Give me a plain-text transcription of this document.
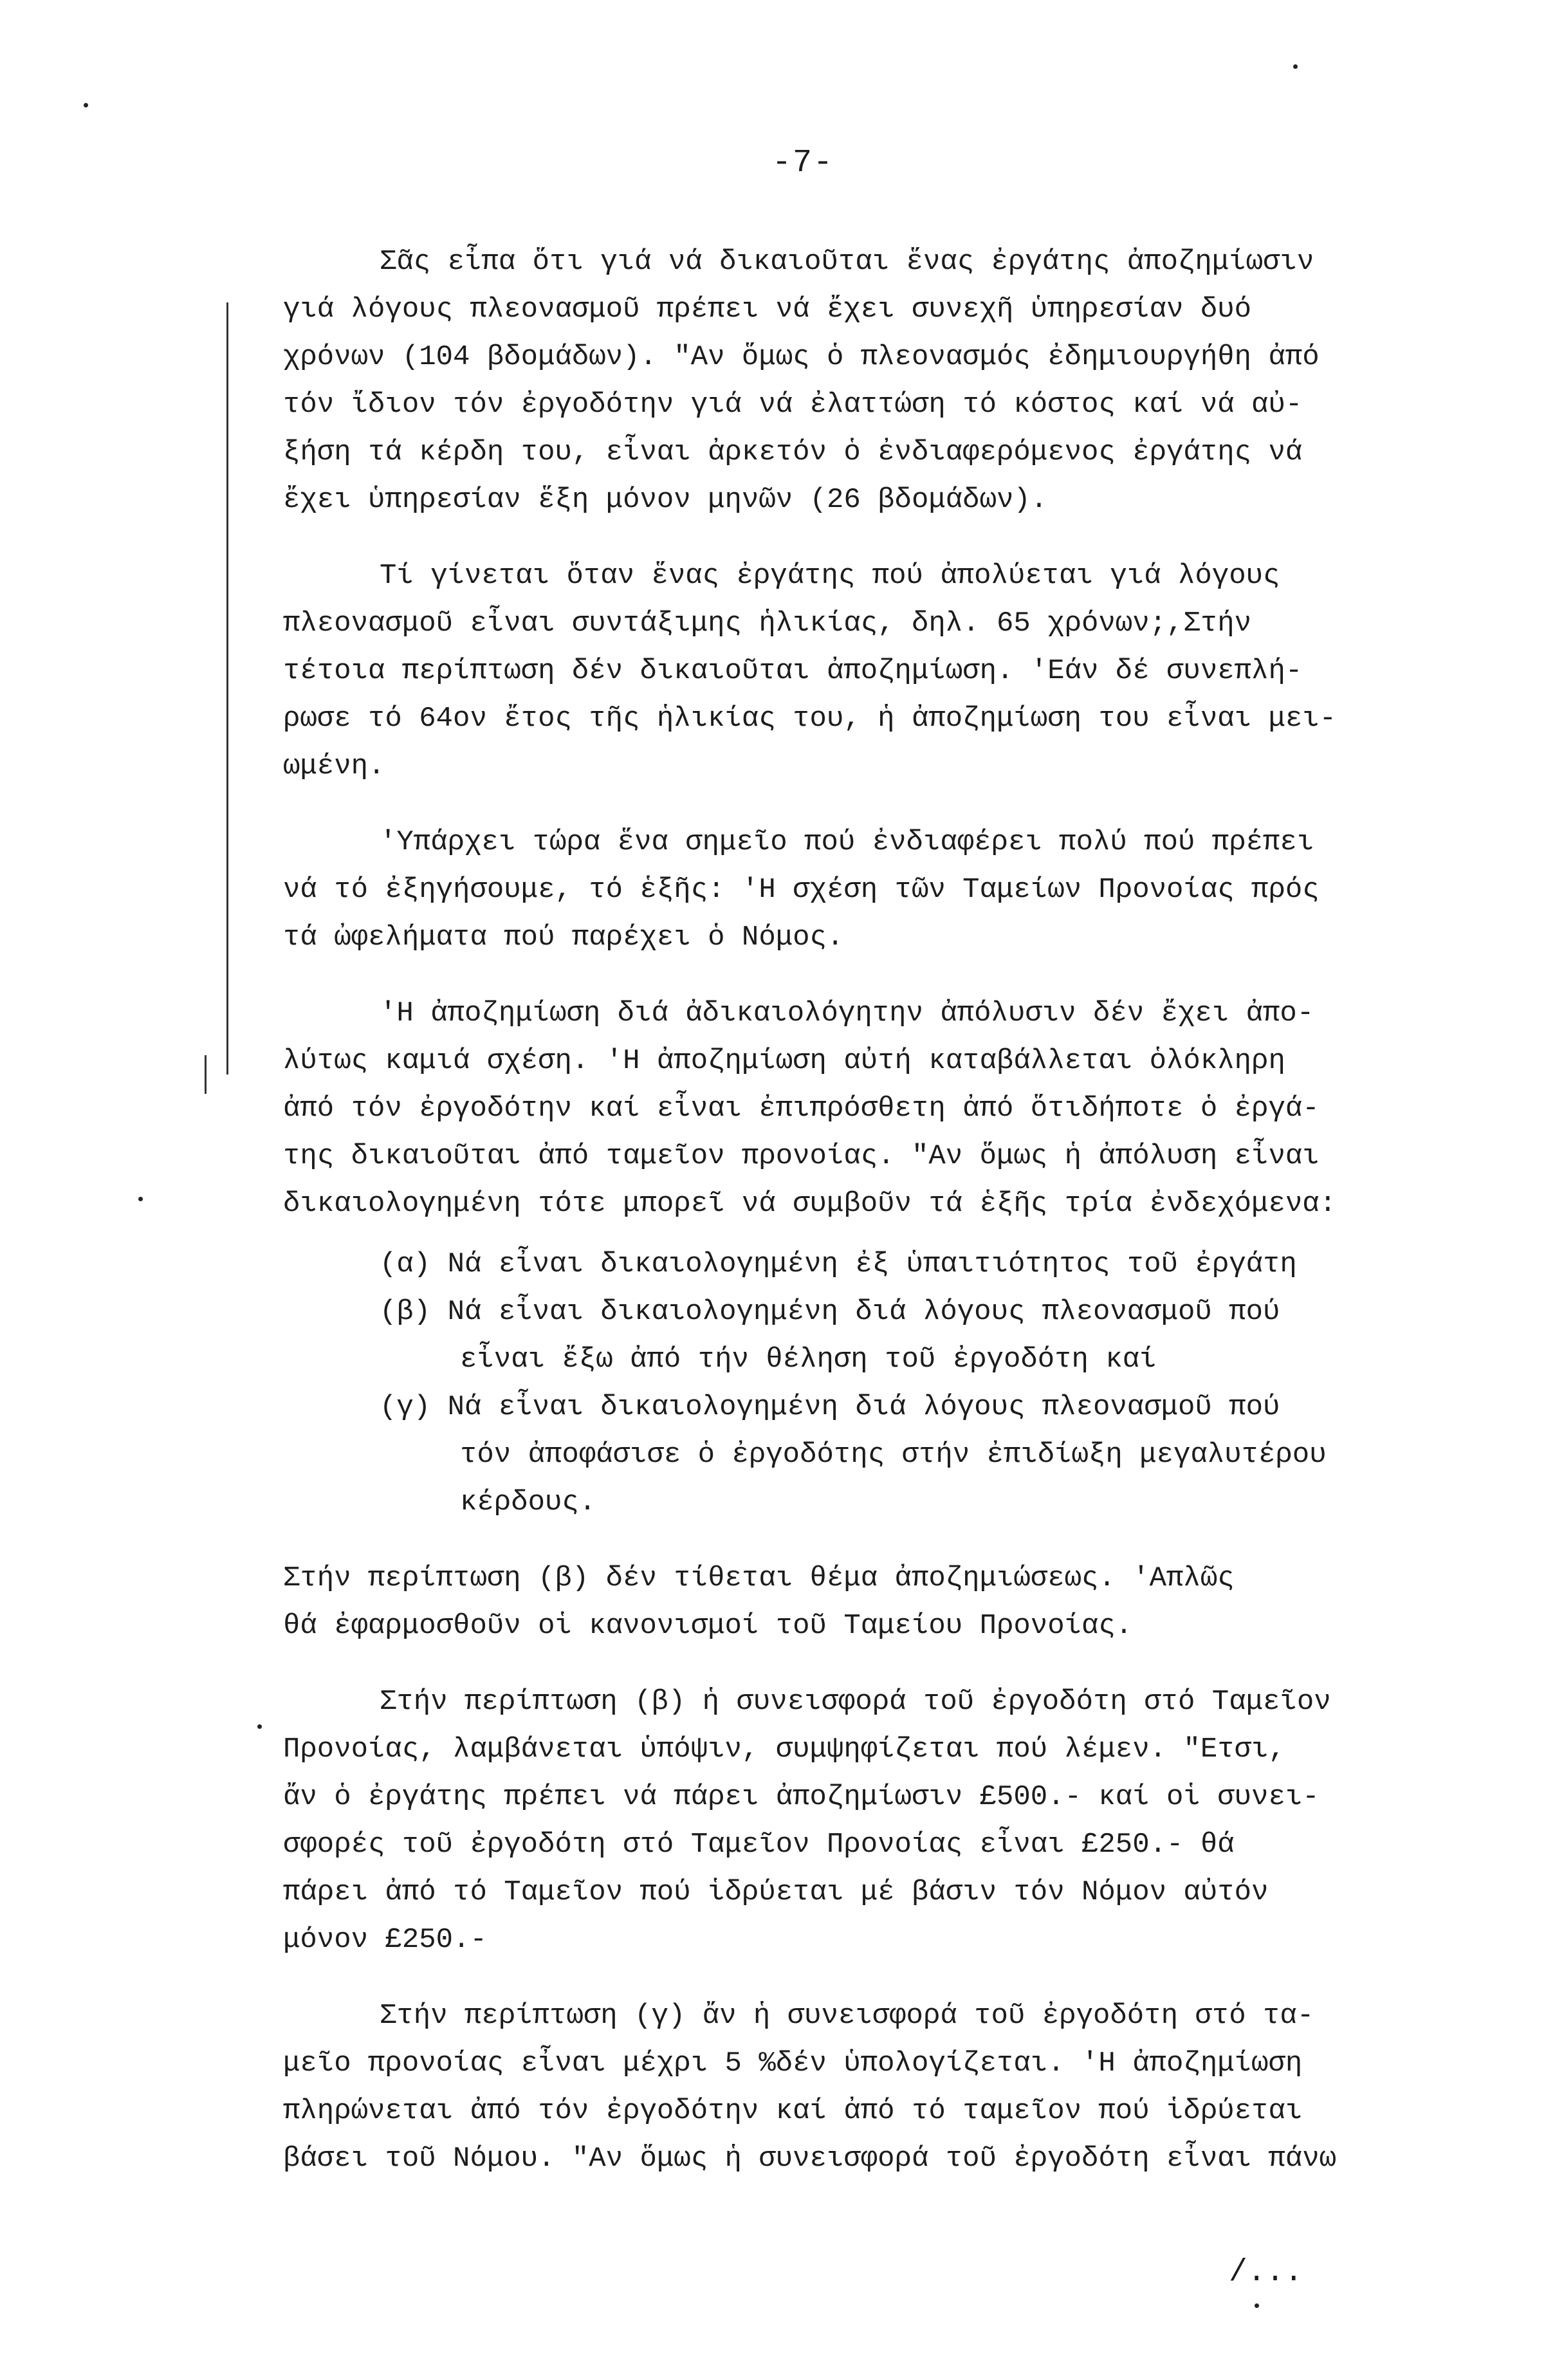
-7-
Σᾶς εἶπα ὅτι γιά νά δικαιοῦται ἕνας ἐργάτης ἀποζημίωσιν
γιά λόγους πλεονασμοῦ πρέπει νά ἔχει συνεχῆ ὑπηρεσίαν δυό
χρόνων (104 βδομάδων). "Αν ὅμως ὁ πλεονασμός ἐδημιουργήθη ἀπό
τόν ἴδιον τόν ἐργοδότην γιά νά ἐλαττώση τό κόστος καί νά αὐ-
ξήση τά κέρδη του, εἶναι ἀρκετόν ὁ ἐνδιαφερόμενος ἐργάτης νά
ἔχει ὑπηρεσίαν ἕξη μόνον μηνῶν (26 βδομάδων).
Τί γίνεται ὅταν ἕνας ἐργάτης πού ἀπολύεται γιά λόγους
πλεονασμοῦ εἶναι συντάξιμης ἡλικίας, δηλ. 65 χρόνων;,Στήν
τέτοια περίπτωση δέν δικαιοῦται ἀποζημίωση. 'Εάν δέ συνεπλή-
ρωσε τό 64ον ἔτος τῆς ἡλικίας του, ἡ ἀποζημίωση του εἶναι μει-
ωμένη.
'Υπάρχει τώρα ἕνα σημεῖο πού ἐνδιαφέρει πολύ πού πρέπει
νά τό ἐξηγήσουμε, τό ἑξῆς: 'Η σχέση τῶν Ταμείων Προνοίας πρός
τά ὠφελήματα πού παρέχει ὁ Νόμος.
'Η ἀποζημίωση διά ἀδικαιολόγητην ἀπόλυσιν δέν ἔχει ἀπο-
λύτως καμιά σχέση. 'Η ἀποζημίωση αὐτή καταβάλλεται ὁλόκληρη
ἀπό τόν ἐργοδότην καί εἶναι ἐπιπρόσθετη ἀπό ὅτιδήποτε ὁ ἐργά-
της δικαιοῦται ἀπό ταμεῖον προνοίας. "Αν ὅμως ἡ ἀπόλυση εἶναι
δικαιολογημένη τότε μπορεῖ νά συμβοῦν τά ἑξῆς τρία ἐνδεχόμενα:
(α) Νά εἶναι δικαιολογημένη ἐξ ὑπαιτιότητος τοῦ ἐργάτη
(β) Νά εἶναι δικαιολογημένη διά λόγους πλεονασμοῦ πού
εἶναι ἔξω ἀπό τήν θέληση τοῦ ἐργοδότη καί
(γ) Νά εἶναι δικαιολογημένη διά λόγους πλεονασμοῦ πού
τόν ἀποφάσισε ὁ ἐργοδότης στήν ἐπιδίωξη μεγαλυτέρου
κέρδους.
Στήν περίπτωση (β) δέν τίθεται θέμα ἀποζημιώσεως. 'Απλῶς
θά ἐφαρμοσθοῦν οἱ κανονισμοί τοῦ Ταμείου Προνοίας.
Στήν περίπτωση (β) ἡ συνεισφορά τοῦ ἐργοδότη στό Ταμεῖον
Προνοίας, λαμβάνεται ὑπόψιν, συμψηφίζεται πού λέμεν. "Ετσι,
ἄν ὁ ἐργάτης πρέπει νά πάρει ἀποζημίωσιν £500.- καί οἱ συνει-
σφορές τοῦ ἐργοδότη στό Ταμεῖον Προνοίας εἶναι £250.- θά
πάρει ἀπό τό Ταμεῖον πού ἱδρύεται μέ βάσιν τόν Νόμον αὐτόν
μόνον £250.-
Στήν περίπτωση (γ) ἄν ἡ συνεισφορά τοῦ ἐργοδότη στό τα-
μεῖο προνοίας εἶναι μέχρι 5 %δέν ὑπολογίζεται. 'Η ἀποζημίωση
πληρώνεται ἀπό τόν ἐργοδότην καί ἀπό τό ταμεῖον πού ἱδρύεται
βάσει τοῦ Νόμου. "Αν ὅμως ἡ συνεισφορά τοῦ ἐργοδότη εἶναι πάνω
/...
